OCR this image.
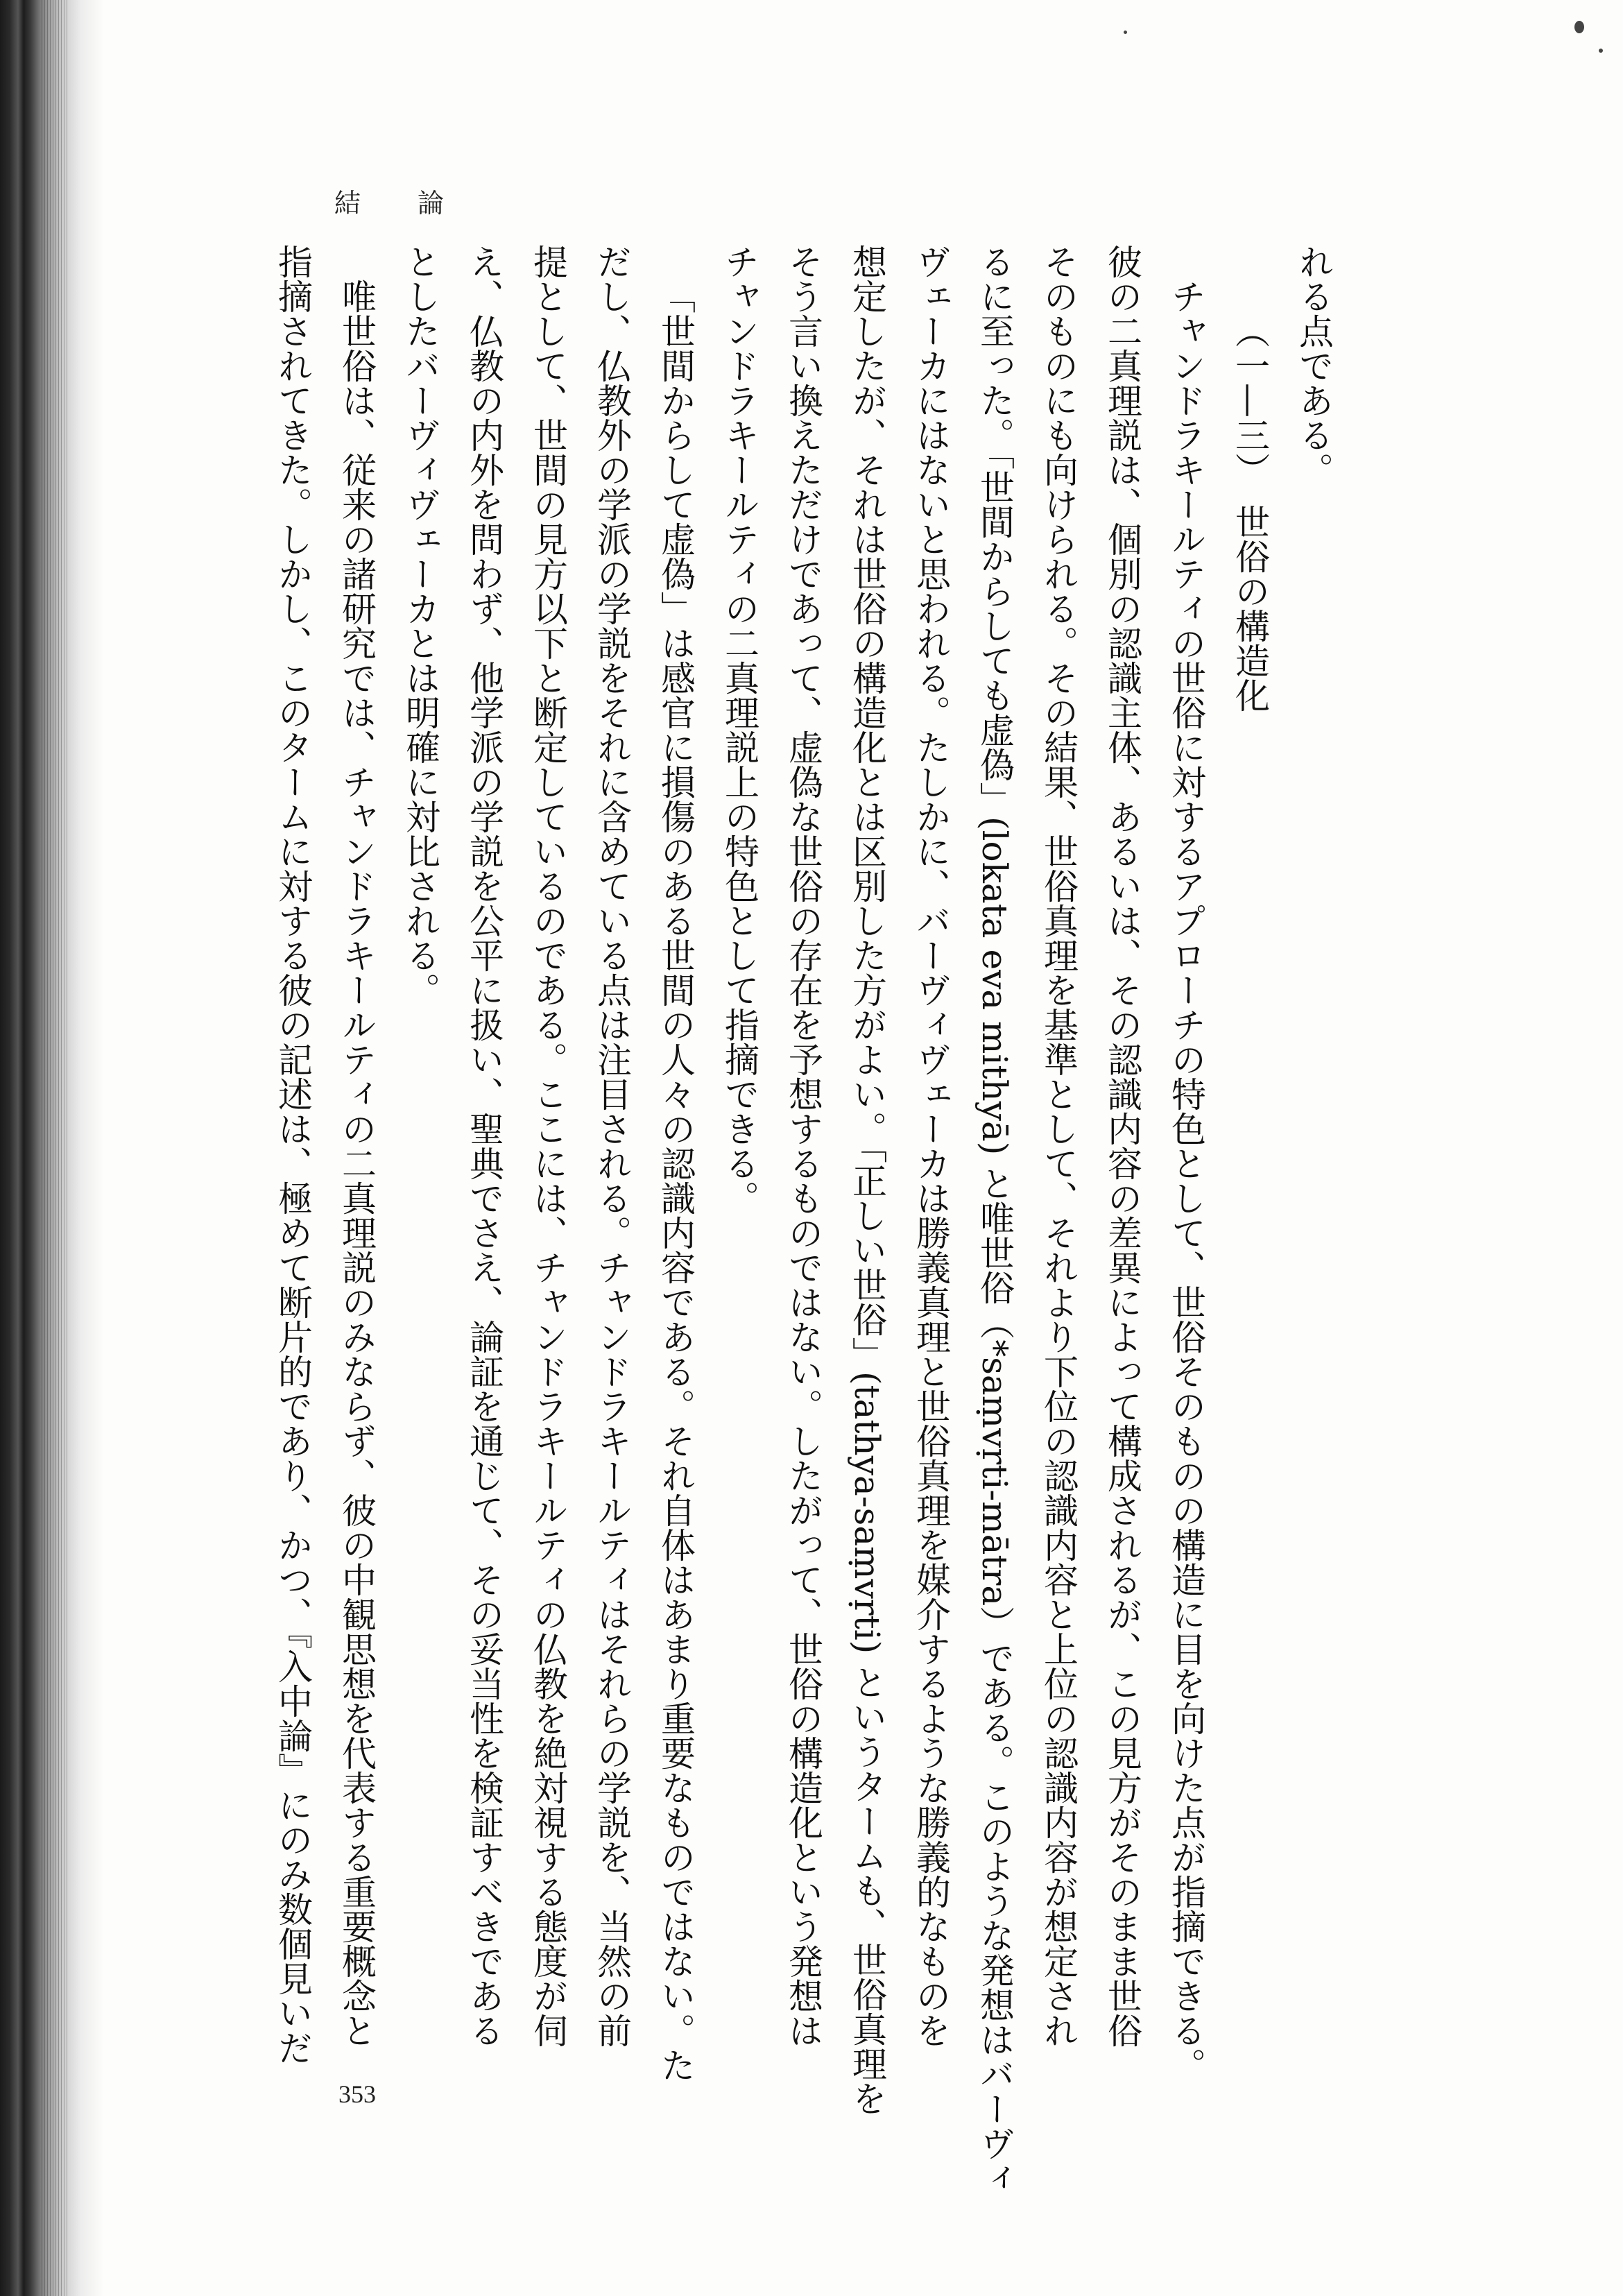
結　論

れる点である。

（一—三）　世俗の構造化

チャンドラキールティの世俗に対するアプローチの特色として、世俗そのものの構造に目を向けた点が指摘できる。

彼の二真理説は、個別の認識主体、あるいは、その認識内容の差異によって構成されるが、この見方がそのまま世俗

そのものにも向けられる。その結果、世俗真理を基準として、それより下位の認識内容と上位の認識内容が想定され

るに至った。「世間からしても虚偽」(lokata eva mithyā) と唯世俗（*saṃvṛti-mātra）である。このような発想はバーヴィ

ヴェーカにはないと思われる。たしかに、バーヴィヴェーカは勝義真理と世俗真理を媒介するような勝義的なものを

想定したが、それは世俗の構造化とは区別した方がよい。「正しい世俗」(tathya-saṃvṛti) というタームも、世俗真理を

そう言い換えただけであって、虚偽な世俗の存在を予想するものではない。したがって、世俗の構造化という発想は

チャンドラキールティの二真理説上の特色として指摘できる。

「世間からして虚偽」は感官に損傷のある世間の人々の認識内容である。それ自体はあまり重要なものではない。た

だし、仏教外の学派の学説をそれに含めている点は注目される。チャンドラキールティはそれらの学説を、当然の前

提として、世間の見方以下と断定しているのである。ここには、チャンドラキールティの仏教を絶対視する態度が伺

え、仏教の内外を問わず、他学派の学説を公平に扱い、聖典でさえ、論証を通じて、その妥当性を検証すべきである

としたバーヴィヴェーカとは明確に対比される。

唯世俗は、従来の諸研究では、チャンドラキールティの二真理説のみならず、彼の中観思想を代表する重要概念と

指摘されてきた。しかし、このタームに対する彼の記述は、極めて断片的であり、かつ、『入中論』にのみ数個見いだ

353
